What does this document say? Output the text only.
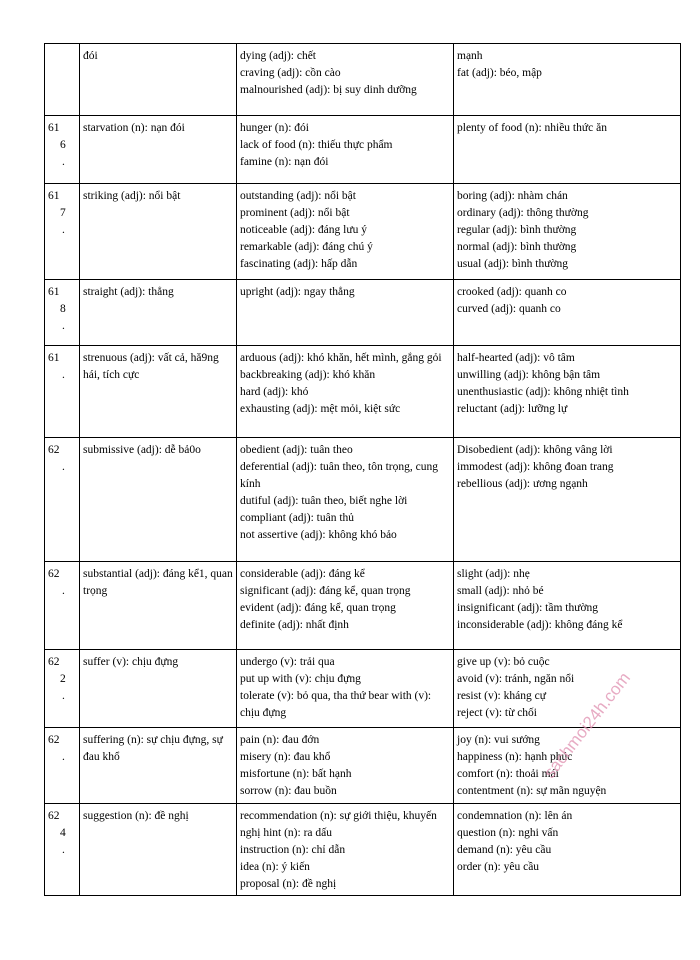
	đói	dying (adj): chết
craving (adj): cồn cào
malnourished (adj): bị suy dinh dưỡng	mạnh
fat (adj): béo, mập

61
6
.	starvation (n): nạn đói	hunger (n): đói
lack of food (n): thiếu thực phẩm
famine (n): nạn đói	plenty of food (n): nhiều thức ăn

61
7
.	striking (adj): nổi bật	outstanding (adj): nổi bật
prominent (adj): nổi bật
noticeable (adj): đáng lưu ý
remarkable (adj): đáng chú ý
fascinating (adj): hấp dẫn	boring (adj): nhàm chán
ordinary (adj): thông thường
regular (adj): bình thường
normal (adj): bình thường
usual (adj): bình thường

61
8
.	straight (adj): thẳng	upright (adj): ngay thẳng	crooked (adj): quanh co
curved (adj): quanh co

61
.	strenuous (adj): vất cả, hă9ng hái, tích cực	arduous (adj): khó khăn, hết mình, gắng gỏi
backbreaking (adj): khó khăn
hard (adj): khó
exhausting (adj): mệt mỏi, kiệt sức	half-hearted (adj): vô tâm
unwilling (adj): không bận tâm
unenthusiastic (adj): không nhiệt tình
reluctant (adj): lưỡng lự

62
.	submissive (adj): dễ bả0o	obedient (adj): tuân theo
deferential (adj): tuân theo, tôn trọng, cung kính
dutiful (adj): tuân theo, biết nghe lời
compliant (adj): tuân thủ
not assertive (adj): không khó bảo	Disobedient (adj): không vâng lời
immodest (adj): không đoan trang
rebellious (adj): ương ngạnh

62
.	substantial (adj): đáng kể1, quan trọng	considerable (adj): đáng kể
significant (adj): đáng kể, quan trọng
evident (adj): đáng kể, quan trọng
definite (adj): nhất định	slight (adj): nhẹ
small (adj): nhỏ bé
insignificant (adj): tầm thường
inconsiderable (adj): không đáng kể

62
2
.	suffer (v): chịu đựng	undergo (v): trải qua
put up with (v): chịu đựng
tolerate (v): bỏ qua, tha thứ bear with (v): chịu đựng	give up (v): bỏ cuộc
avoid (v): tránh, ngăn nổi
resist (v): kháng cự
reject (v): từ chối

62
.	suffering (n): sự chịu đựng, sự đau khổ	pain (n): đau đớn
misery (n): đau khổ
misfortune (n): bất hạnh
sorrow (n): đau buồn	joy (n): vui sướng
happiness (n): hạnh phúc
comfort (n): thoải mái
contentment (n): sự mãn nguyện

62
4
.	suggestion (n): đề nghị	recommendation (n): sự giới thiệu, khuyến nghị hint (n): ra dấu
instruction (n): chỉ dẫn
idea (n): ý kiến
proposal (n): đề nghị	condemnation (n): lên án
question (n): nghi vấn
demand (n): yêu cầu
order (n): yêu cầu
sachmoi24h.com
